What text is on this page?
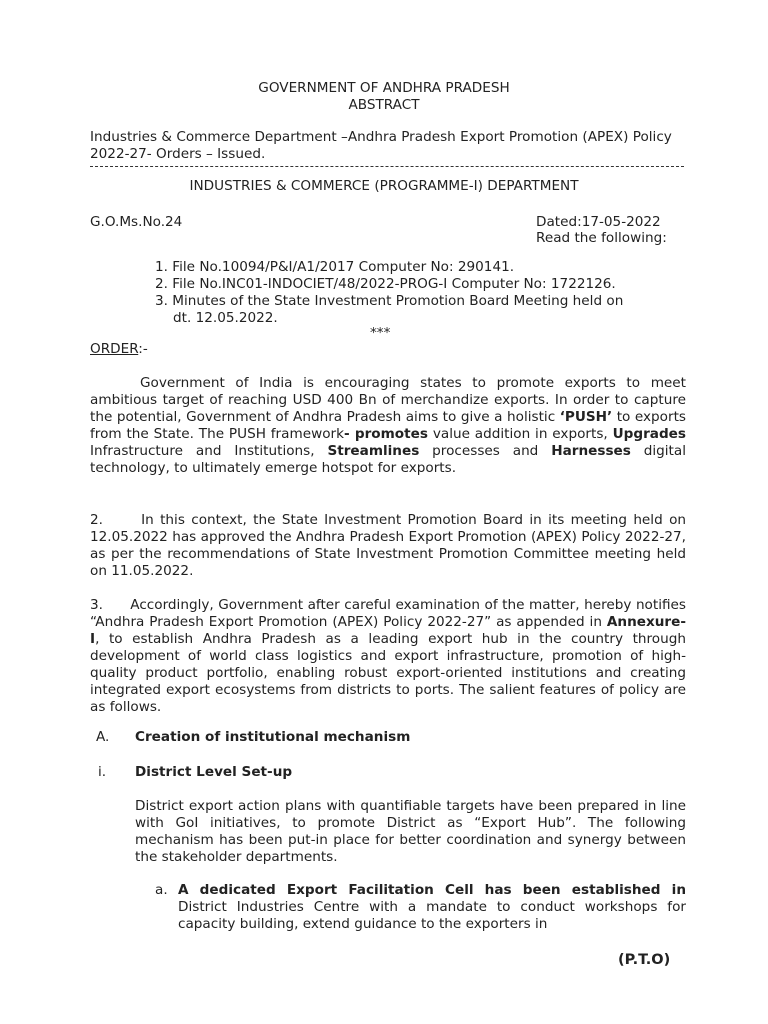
GOVERNMENT OF ANDHRA PRADESH
ABSTRACT
Industries & Commerce Department –Andhra Pradesh Export Promotion (APEX) Policy 2022-27- Orders – Issued.
INDUSTRIES & COMMERCE (PROGRAMME-I) DEPARTMENT
G.O.Ms.No.24	Dated:17-05-2022
Read the following:
1. File No.10094/P&I/A1/2017 Computer No: 290141.
2. File No.INC01-INDOCIET/48/2022-PROG-I Computer No: 1722126.
3. Minutes of the State Investment Promotion Board Meeting held on
dt. 12.05.2022.
***
ORDER:-
Government of India is encouraging states to promote exports to meet ambitious target of reaching USD 400 Bn of merchandize exports. In order to capture the potential, Government of Andhra Pradesh aims to give a holistic ‘PUSH’ to exports from the State. The PUSH framework- promotes value addition in exports, Upgrades Infrastructure and Institutions, Streamlines processes and Harnesses digital technology, to ultimately emerge hotspot for exports.
2.      In this context, the State Investment Promotion Board in its meeting held on 12.05.2022 has approved the Andhra Pradesh Export Promotion (APEX) Policy 2022-27, as per the recommendations of State Investment Promotion Committee meeting held on 11.05.2022.
3.      Accordingly, Government after careful examination of the matter, hereby notifies “Andhra Pradesh Export Promotion (APEX) Policy 2022-27” as appended in Annexure-I, to establish Andhra Pradesh as a leading export hub in the country through development of world class logistics and export infrastructure, promotion of high-quality product portfolio, enabling robust export-oriented institutions and creating integrated export ecosystems from districts to ports. The salient features of policy are as follows.
A. Creation of institutional mechanism
i. District Level Set-up
District export action plans with quantifiable targets have been prepared in line with GoI initiatives, to promote District as “Export Hub”. The following mechanism has been put-in place for better coordination and synergy between the stakeholder departments.
a. A dedicated Export Facilitation Cell has been established in District Industries Centre with a mandate to conduct workshops for capacity building, extend guidance to the exporters in
(P.T.O)
